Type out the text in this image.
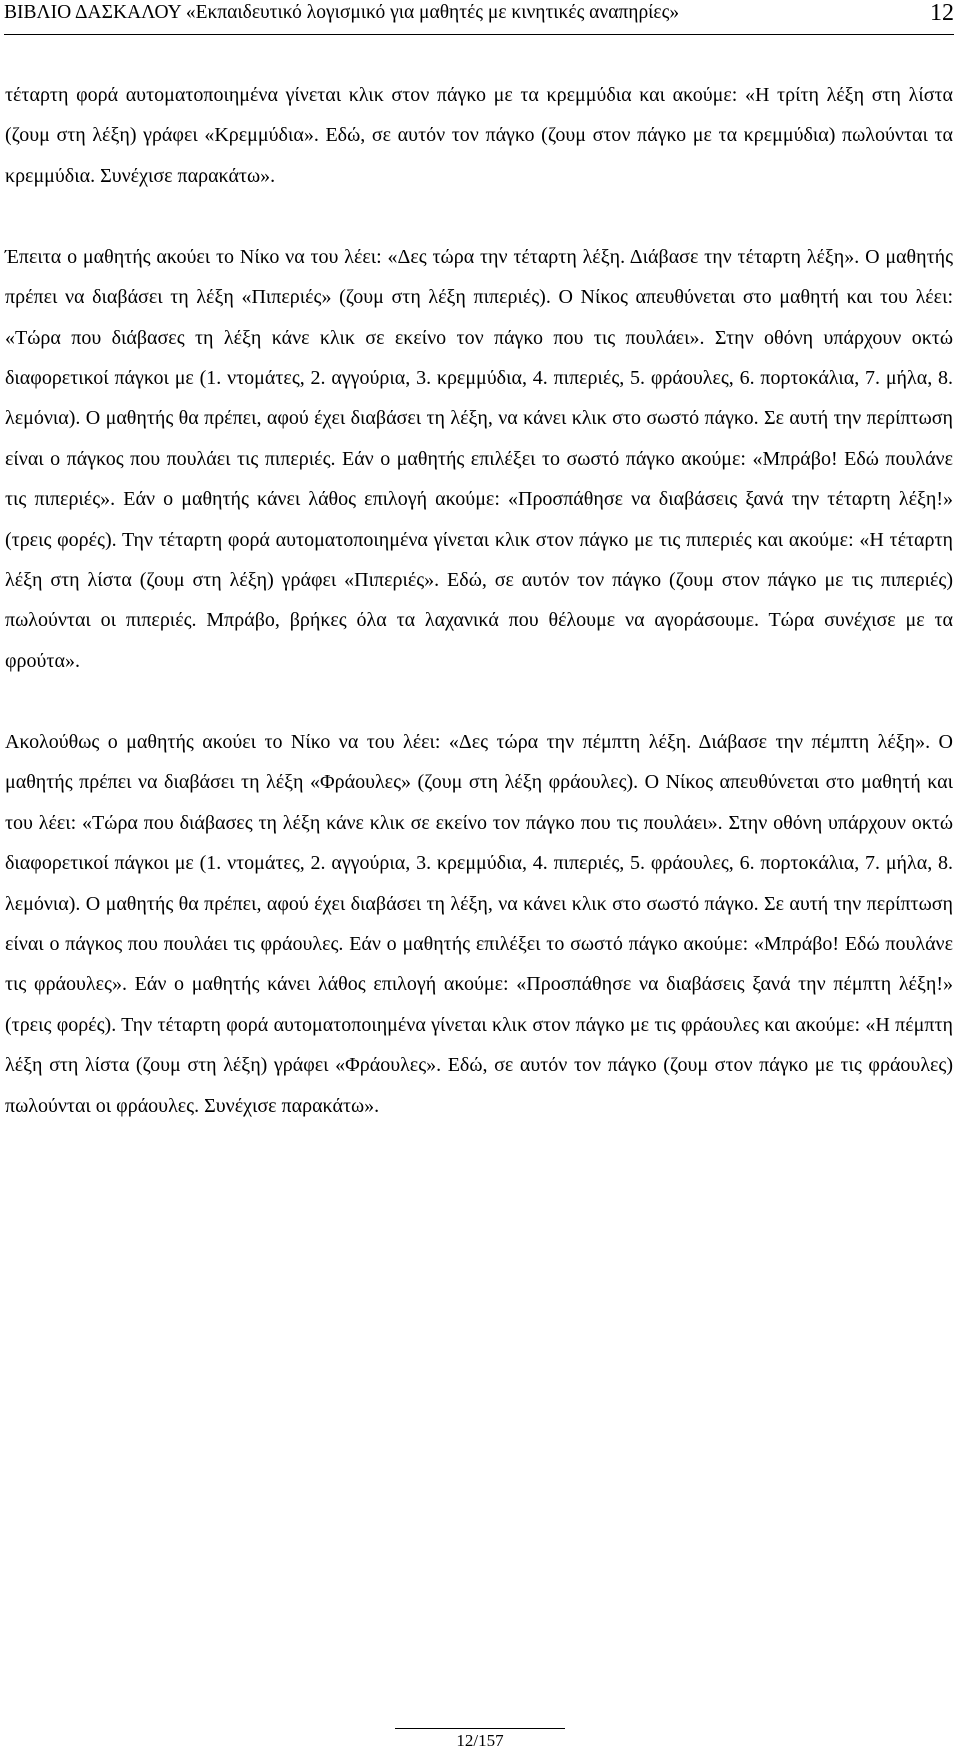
ΒΙΒΛΙΟ ΔΑΣΚΑΛΟΥ «Εκπαιδευτικό λογισμικό για μαθητές με κινητικές αναπηρίες»	12

τέταρτη φορά αυτοματοποιημένα γίνεται κλικ στον πάγκο με τα κρεμμύδια και ακούμε: «Η τρίτη λέξη στη λίστα (ζουμ στη λέξη) γράφει «Κρεμμύδια». Εδώ, σε αυτόν τον πάγκο (ζουμ στον πάγκο με τα κρεμμύδια) πωλούνται τα κρεμμύδια. Συνέχισε παρακάτω».

Έπειτα ο μαθητής ακούει το Νίκο να του λέει: «Δες τώρα την τέταρτη λέξη. Διάβασε την τέταρτη λέξη». Ο μαθητής πρέπει να διαβάσει τη λέξη «Πιπεριές» (ζουμ στη λέξη πιπεριές). Ο Νίκος απευθύνεται στο μαθητή και του λέει: «Τώρα που διάβασες τη λέξη κάνε κλικ σε εκείνο τον πάγκο που τις πουλάει». Στην οθόνη υπάρχουν οκτώ διαφορετικοί πάγκοι με (1. ντομάτες, 2. αγγούρια, 3. κρεμμύδια, 4. πιπεριές, 5. φράουλες, 6. πορτοκάλια, 7. μήλα, 8. λεμόνια). Ο μαθητής θα πρέπει, αφού έχει διαβάσει τη λέξη, να κάνει κλικ στο σωστό πάγκο. Σε αυτή την περίπτωση είναι ο πάγκος που πουλάει τις πιπεριές. Εάν ο μαθητής επιλέξει το σωστό πάγκο ακούμε: «Μπράβο! Εδώ πουλάνε τις πιπεριές». Εάν ο μαθητής κάνει λάθος επιλογή ακούμε: «Προσπάθησε να διαβάσεις ξανά την τέταρτη λέξη!» (τρεις φορές). Την τέταρτη φορά αυτοματοποιημένα γίνεται κλικ στον πάγκο με τις πιπεριές και ακούμε: «Η τέταρτη λέξη στη λίστα (ζουμ στη λέξη) γράφει «Πιπεριές». Εδώ, σε αυτόν τον πάγκο (ζουμ στον πάγκο με τις πιπεριές) πωλούνται οι πιπεριές. Μπράβο, βρήκες όλα τα λαχανικά που θέλουμε να αγοράσουμε. Τώρα συνέχισε με τα φρούτα».

Ακολούθως ο μαθητής ακούει το Νίκο να του λέει: «Δες τώρα την πέμπτη λέξη. Διάβασε την πέμπτη λέξη». Ο μαθητής πρέπει να διαβάσει τη λέξη «Φράουλες» (ζουμ στη λέξη φράουλες). Ο Νίκος απευθύνεται στο μαθητή και του λέει: «Τώρα που διάβασες τη λέξη κάνε κλικ σε εκείνο τον πάγκο που τις πουλάει». Στην οθόνη υπάρχουν οκτώ διαφορετικοί πάγκοι με (1. ντομάτες, 2. αγγούρια, 3. κρεμμύδια, 4. πιπεριές, 5. φράουλες, 6. πορτοκάλια, 7. μήλα, 8. λεμόνια). Ο μαθητής θα πρέπει, αφού έχει διαβάσει τη λέξη, να κάνει κλικ στο σωστό πάγκο. Σε αυτή την περίπτωση είναι ο πάγκος που πουλάει τις φράουλες. Εάν ο μαθητής επιλέξει το σωστό πάγκο ακούμε: «Μπράβο! Εδώ πουλάνε τις φράουλες». Εάν ο μαθητής κάνει λάθος επιλογή ακούμε: «Προσπάθησε να διαβάσεις ξανά την πέμπτη λέξη!» (τρεις φορές). Την τέταρτη φορά αυτοματοποιημένα γίνεται κλικ στον πάγκο με τις φράουλες και ακούμε: «Η πέμπτη λέξη στη λίστα (ζουμ στη λέξη) γράφει «Φράουλες». Εδώ, σε αυτόν τον πάγκο (ζουμ στον πάγκο με τις φράουλες) πωλούνται οι φράουλες. Συνέχισε παρακάτω».

12/157
